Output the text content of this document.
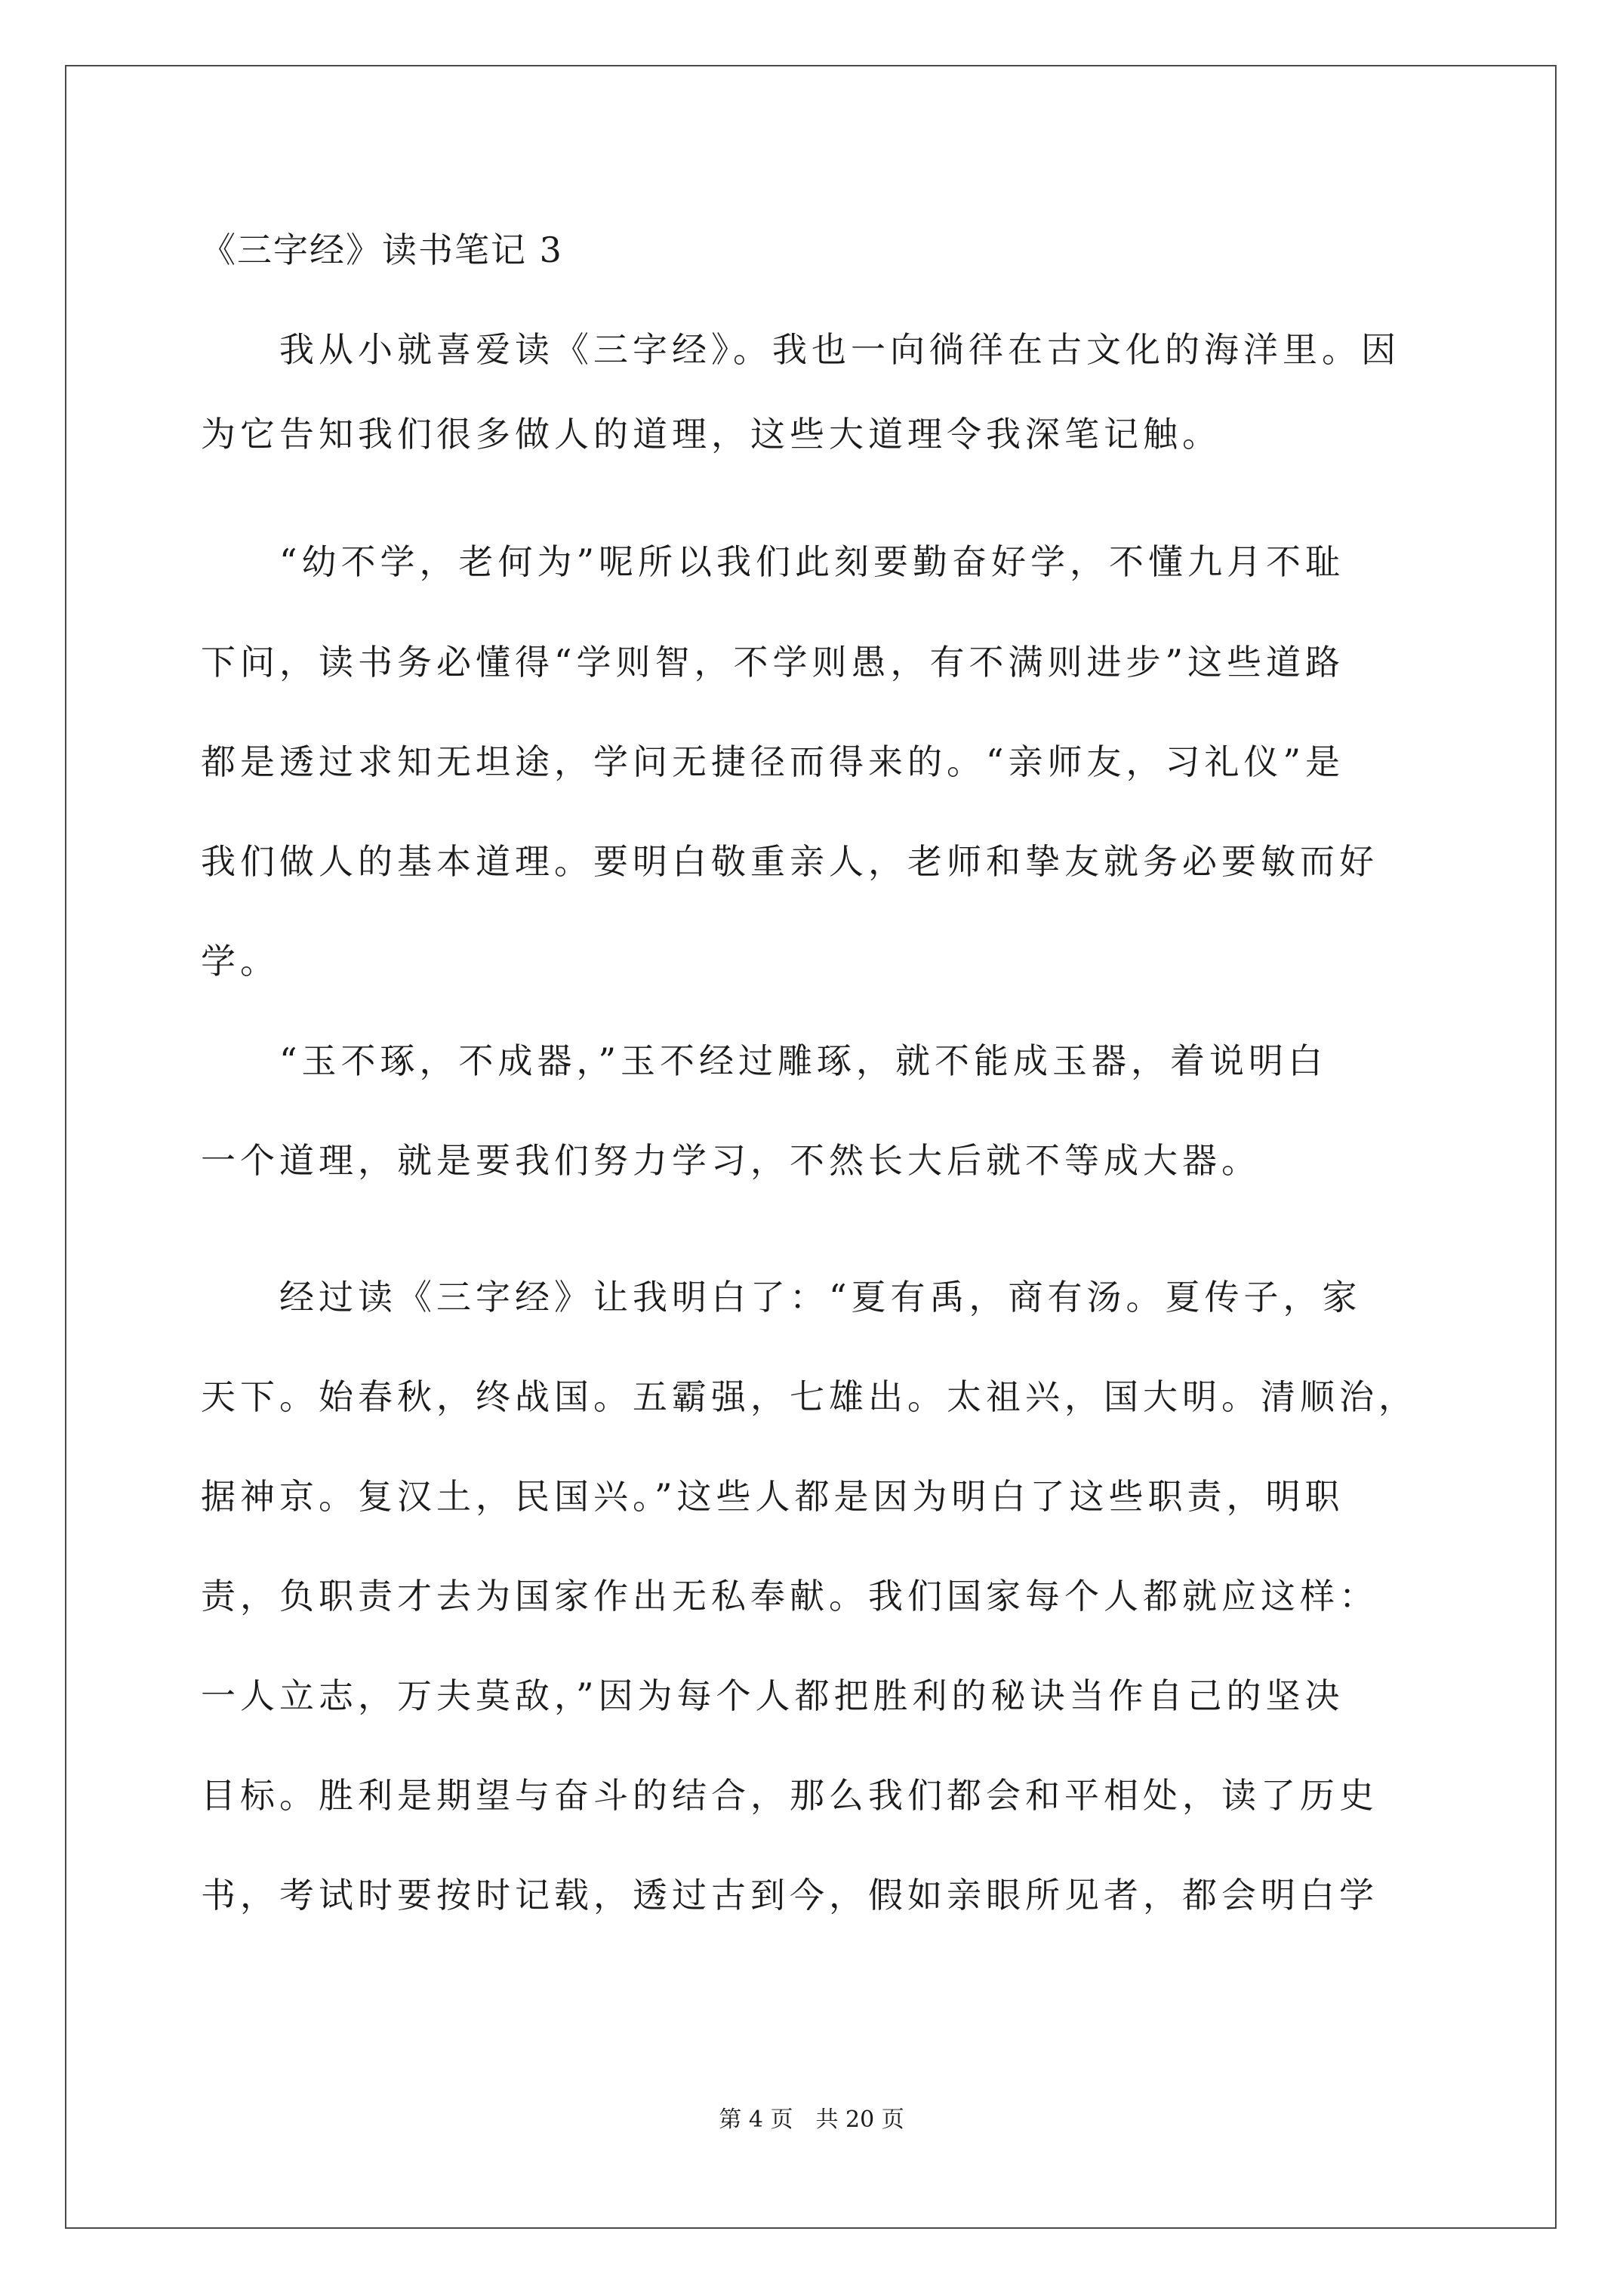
《三字经》读书笔记 3
　　我从小就喜爱读《三字经》。我也一向徜徉在古文化的海洋里。因
为它告知我们很多做人的道理，这些大道理令我深笔记触。
　　“幼不学，老何为”呢所以我们此刻要勤奋好学，不懂九月不耻
下问，读书务必懂得“学则智，不学则愚，有不满则进步”这些道路
都是透过求知无坦途，学问无捷径而得来的。“亲师友，习礼仪”是
我们做人的基本道理。要明白敬重亲人，老师和挚友就务必要敏而好
学。
　　“玉不琢，不成器，”玉不经过雕琢，就不能成玉器，着说明白
一个道理，就是要我们努力学习，不然长大后就不等成大器。
　　经过读《三字经》让我明白了：“夏有禹，商有汤。夏传子，家
天下。始春秋，终战国。五霸强，七雄出。太祖兴，国大明。清顺治，
据神京。复汉土，民国兴。”这些人都是因为明白了这些职责，明职
责，负职责才去为国家作出无私奉献。我们国家每个人都就应这样：
一人立志，万夫莫敌，”因为每个人都把胜利的秘诀当作自己的坚决
目标。胜利是期望与奋斗的结合，那么我们都会和平相处，读了历史
书，考试时要按时记载，透过古到今，假如亲眼所见者，都会明白学
第 4 页　共 20 页
